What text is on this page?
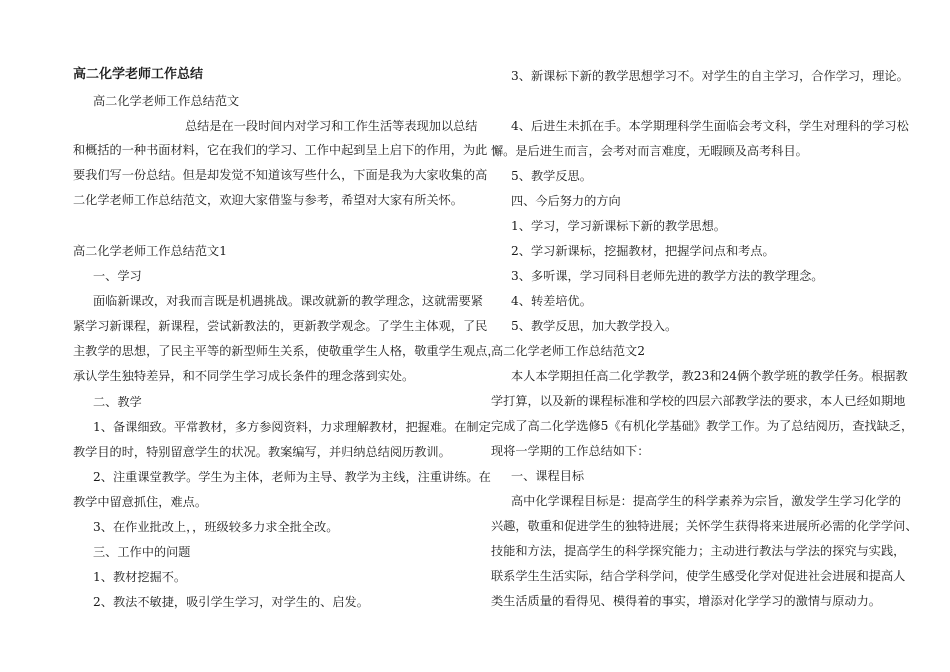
高二化学老师工作总结
高二化学老师工作总结范文
总结是在一段时间内对学习和工作生活等表现加以总结
和概括的一种书面材料，它在我们的学习、工作中起到呈上启下的作用，为此
要我们写一份总结。但是却发觉不知道该写些什么，下面是我为大家收集的高
二化学老师工作总结范文，欢迎大家借鉴与参考，希望对大家有所关怀。
高二化学老师工作总结范文1
一、学习
面临新课改，对我而言既是机遇挑战。课改就新的教学理念，这就需要紧
紧学习新课程，新课程，尝试新教法的，更新教学观念。了学生主体观，了民
主教学的思想，了民主平等的新型师生关系，使敬重学生人格，敬重学生观点，
承认学生独特差异，和不同学生学习成长条件的理念落到实处。
二、教学
1、备课细致。平常教材，多方参阅资料，力求理解教材，把握难。在制定
教学目的时，特别留意学生的状况。教案编写，并归纳总结阅历教训。
2、注重课堂教学。学生为主体，老师为主导、教学为主线，注重讲练。在
教学中留意抓住，难点。
3、在作业批改上，，班级较多力求全批全改。
三、工作中的问题
1、教材挖掘不。
2、教法不敏捷，吸引学生学习，对学生的、启发。
3、新课标下新的教学思想学习不。对学生的自主学习，合作学习，理论。
4、后进生未抓在手。本学期理科学生面临会考文科，学生对理科的学习松
懈。是后进生而言，会考对而言难度，无暇顾及高考科目。
5、教学反思。
四、今后努力的方向
1、学习，学习新课标下新的教学思想。
2、学习新课标，挖掘教材，把握学问点和考点。
3、多听课，学习同科目老师先进的教学方法的教学理念。
4、转差培优。
5、教学反思，加大教学投入。
高二化学老师工作总结范文2
本人本学期担任高二化学教学，教23和24俩个教学班的教学任务。根据教
学打算，以及新的课程标准和学校的四层六部教学法的要求，本人已经如期地
完成了高二化学选修5《有机化学基础》教学工作。为了总结阅历，查找缺乏，
现将一学期的工作总结如下：
一、课程目标
高中化学课程目标是：提高学生的科学素养为宗旨，激发学生学习化学的
兴趣，敬重和促进学生的独特进展；关怀学生获得将来进展所必需的化学学问、
技能和方法，提高学生的科学探究能力；主动进行教法与学法的探究与实践，
联系学生生活实际，结合学科学问，使学生感受化学对促进社会进展和提高人
类生活质量的看得见、模得着的事实，增添对化学学习的激情与原动力。
